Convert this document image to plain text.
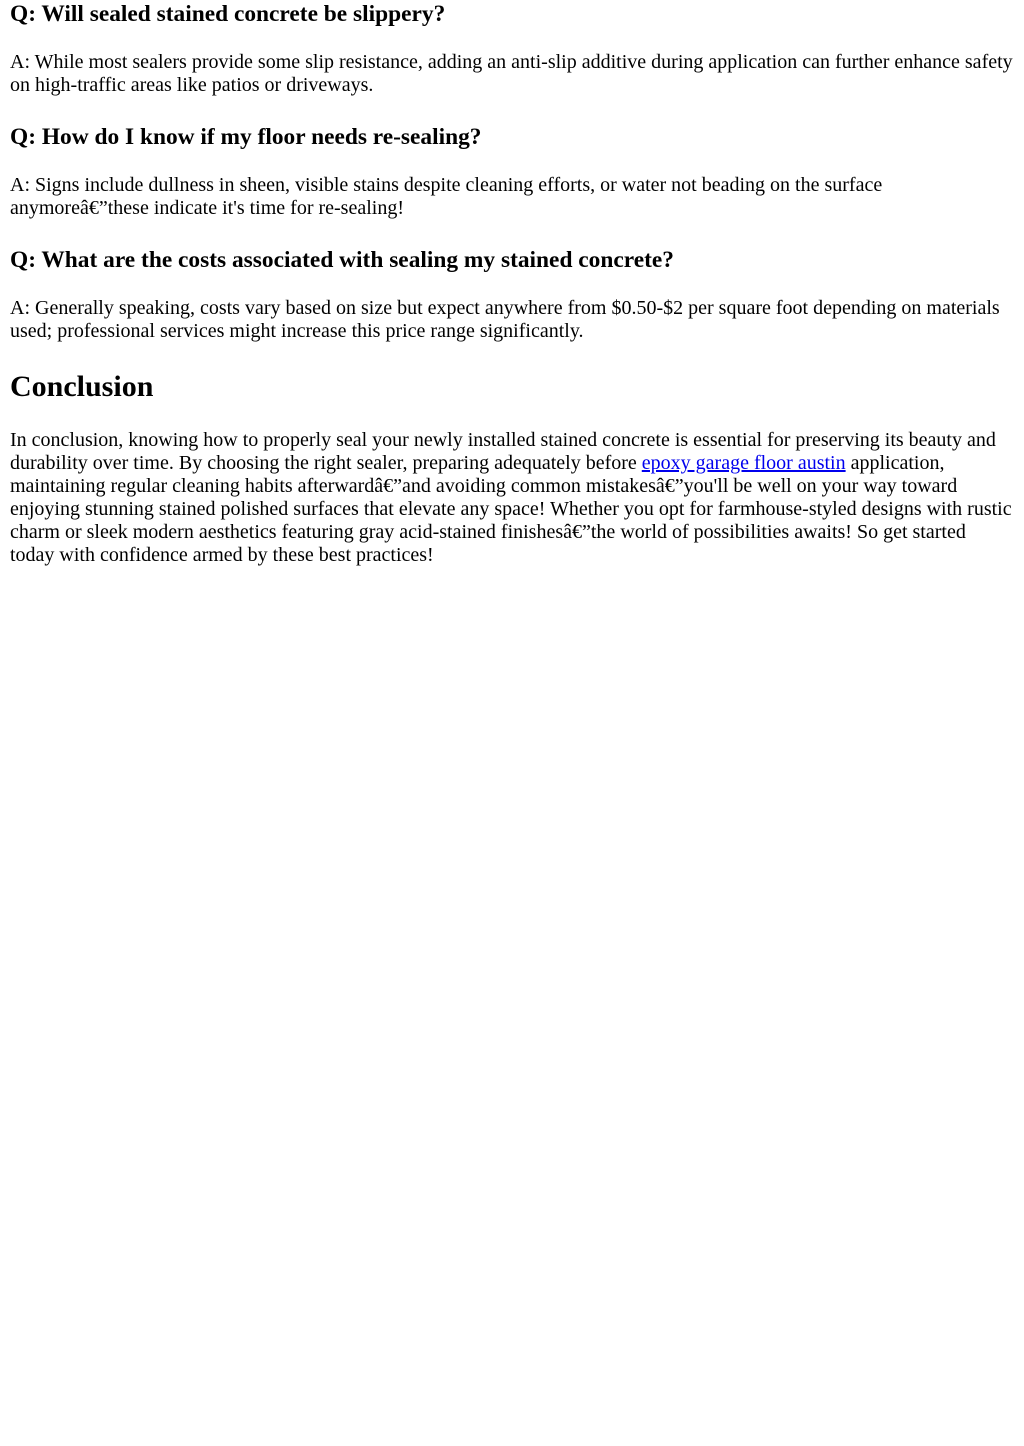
Q: Will sealed stained concrete be slippery?

A: While most sealers provide some slip resistance, adding an anti-slip additive during application can further enhance safety on high-traffic areas like patios or driveways.

Q: How do I know if my floor needs re-sealing?

A: Signs include dullness in sheen, visible stains despite cleaning efforts, or water not beading on the surface anymoreâ€”these indicate it's time for re-sealing!

Q: What are the costs associated with sealing my stained concrete?

A: Generally speaking, costs vary based on size but expect anywhere from $0.50-$2 per square foot depending on materials used; professional services might increase this price range significantly.

Conclusion

In conclusion, knowing how to properly seal your newly installed stained concrete is essential for preserving its beauty and durability over time. By choosing the right sealer, preparing adequately before epoxy garage floor austin application, maintaining regular cleaning habits afterwardâ€”and avoiding common mistakesâ€”you'll be well on your way toward enjoying stunning stained polished surfaces that elevate any space! Whether you opt for farmhouse-styled designs with rustic charm or sleek modern aesthetics featuring gray acid-stained finishesâ€”the world of possibilities awaits! So get started today with confidence armed by these best practices!
